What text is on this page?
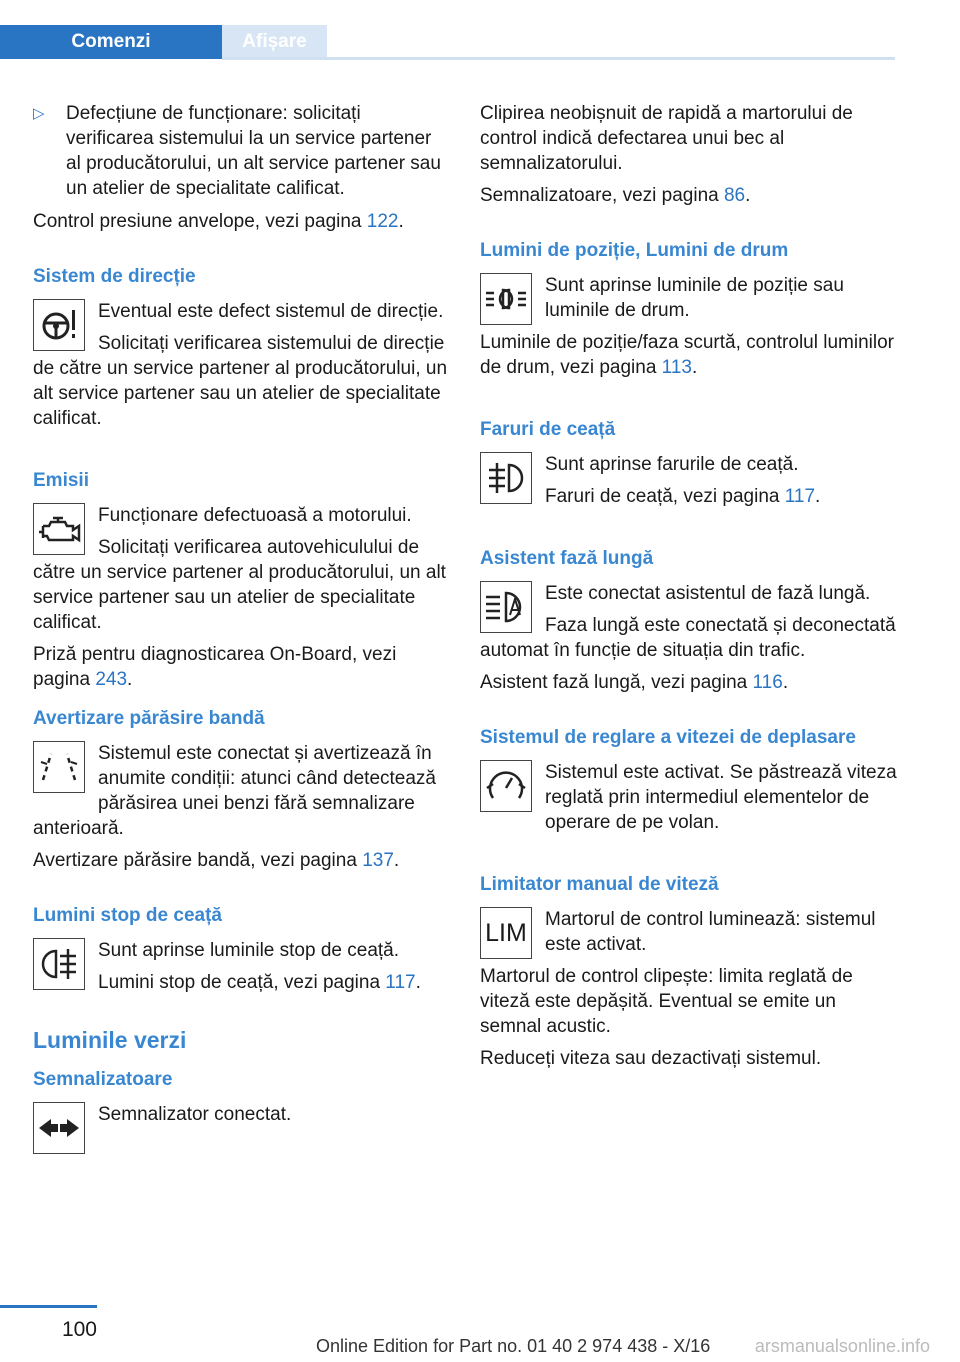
Comenzi	Afișare
▷	Defecțiune de funcționare: solicitați verificarea sistemului la un service partener al producătorului, un alt service partener sau un atelier de specialitate calificat.

Control presiune anvelope, vezi pagina 122.

Sistem de direcție

Eventual este defect sistemul de direcție.

Solicitați verificarea sistemului de direcție de către un service partener al producătorului, un alt service partener sau un atelier de specialitate calificat.

Emisii

Funcționare defectuoasă a motorului.

Solicitați verificarea autovehiculului de către un service partener al producătorului, un alt service partener sau un atelier de specialitate calificat.

Priză pentru diagnosticarea On-Board, vezi pagina 243.

Avertizare părăsire bandă

Sistemul este conectat și avertizează în anumite condiții: atunci când detectează părăsirea unei benzi fără semnalizare anterioară.

Avertizare părăsire bandă, vezi pagina 137.

Lumini stop de ceață

Sunt aprinse luminile stop de ceață.

Lumini stop de ceață, vezi pagina 117.

Luminile verzi
Semnalizatoare

Semnalizator conectat.

Clipirea neobișnuit de rapidă a martorului de control indică defectarea unui bec al semnalizatorului.

Semnalizatoare, vezi pagina 86.

Lumini de poziție, Lumini de drum

Sunt aprinse luminile de poziție sau luminile de drum.

Luminile de poziție/faza scurtă, controlul luminilor de drum, vezi pagina 113.

Faruri de ceață

Sunt aprinse farurile de ceață.

Faruri de ceață, vezi pagina 117.

Asistent fază lungă

Este conectat asistentul de fază lungă.

Faza lungă este conectată și deconectată automat în funcție de situația din trafic.

Asistent fază lungă, vezi pagina 116.

Sistemul de reglare a vitezei de deplasare

Sistemul este activat. Se păstrează viteza reglată prin intermediul elementelor de operare de pe volan.

Limitator manual de viteză
LIM Martorul de control luminează: sistemul este activat.

Martorul de control clipește: limita reglată de viteză este depășită. Eventual se emite un semnal acustic.

Reduceți viteza sau dezactivați sistemul.

100
Online Edition for Part no. 01 40 2 974 438 - X/16 arsmanualsonline.info
